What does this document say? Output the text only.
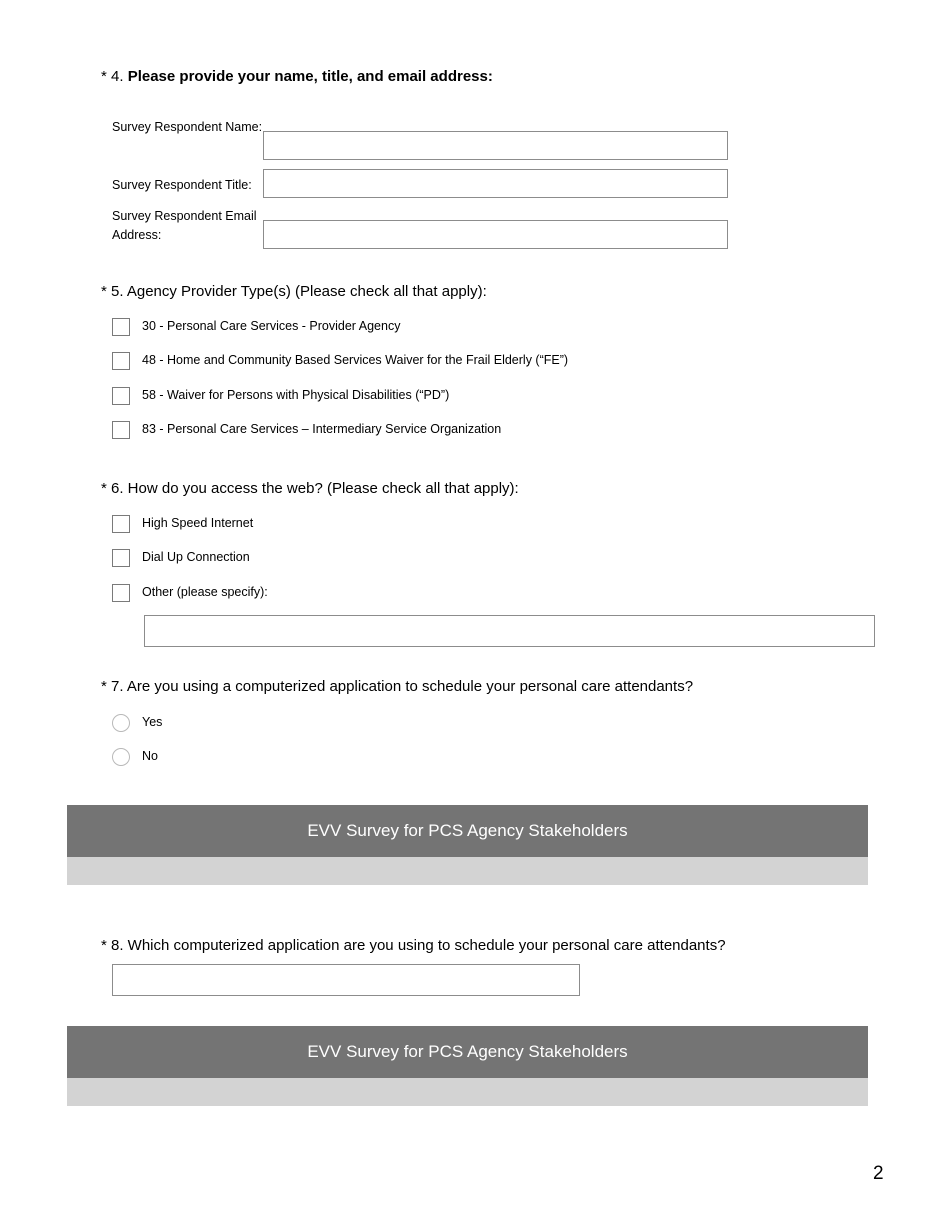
* 4. Please provide your name, title, and email address:
Survey Respondent Name:
Survey Respondent Title:
Survey Respondent Email Address:
* 5. Agency Provider Type(s) (Please check all that apply):
30 - Personal Care Services - Provider Agency
48 - Home and Community Based Services Waiver for the Frail Elderly (“FE”)
58 - Waiver for Persons with Physical Disabilities (“PD”)
83 - Personal Care Services – Intermediary Service Organization
* 6. How do you access the web? (Please check all that apply):
High Speed Internet
Dial Up Connection
Other (please specify):
* 7. Are you using a computerized application to schedule your personal care attendants?
Yes
No
EVV Survey for PCS Agency Stakeholders
* 8. Which computerized application are you using to schedule your personal care attendants?
EVV Survey for PCS Agency Stakeholders
2
